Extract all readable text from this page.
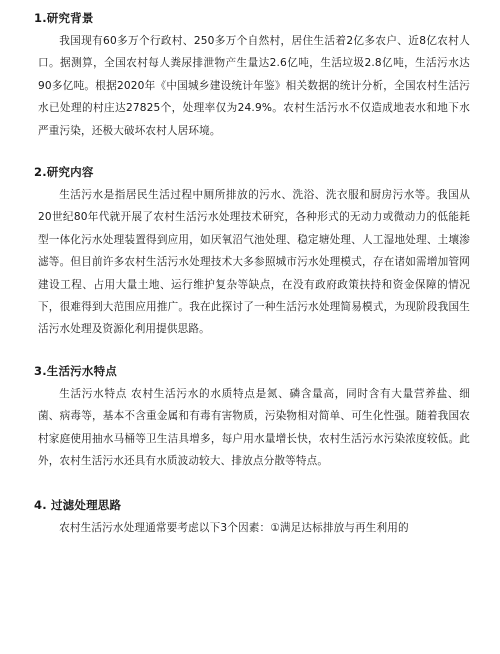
1.研究背景

我国现有60多万个行政村、250多万个自然村，居住生活着2亿多农户、近8亿农村人口。据测算，全国农村每人粪尿排泄物产生量达2.6亿吨，生活垃圾2.8亿吨，生活污水达90多亿吨。根据2020年《中国城乡建设统计年鉴》相关数据的统计分析，全国农村生活污水已处理的村庄达27825个，处理率仅为24.9%。农村生活污水不仅造成地表水和地下水严重污染，还极大破坏农村人居环境。

2.研究内容

生活污水是指居民生活过程中厕所排放的污水、洗浴、洗衣服和厨房污水等。我国从20世纪80年代就开展了农村生活污水处理技术研究，各种形式的无动力或微动力的低能耗型一体化污水处理装置得到应用，如厌氧沼气池处理、稳定塘处理、人工湿地处理、土壤渗滤等。但目前许多农村生活污水处理技术大多参照城市污水处理模式，存在诸如需增加管网建设工程、占用大量土地、运行维护复杂等缺点，在没有政府政策扶持和资金保障的情况下，很难得到大范围应用推广。我在此探讨了一种生活污水处理简易模式，为现阶段我国生活污水处理及资源化利用提供思路。

3.生活污水特点

生活污水特点 农村生活污水的水质特点是氮、磷含量高，同时含有大量营养盐、细菌、病毒等，基本不含重金属和有毒有害物质，污染物相对简单、可生化性强。随着我国农村家庭使用抽水马桶等卫生洁具增多，每户用水量增长快，农村生活污水污染浓度较低。此外，农村生活污水还具有水质波动较大、排放点分散等特点。

4. 过滤处理思路

农村生活污水处理通常要考虑以下3个因素：①满足达标排放与再生利用的
